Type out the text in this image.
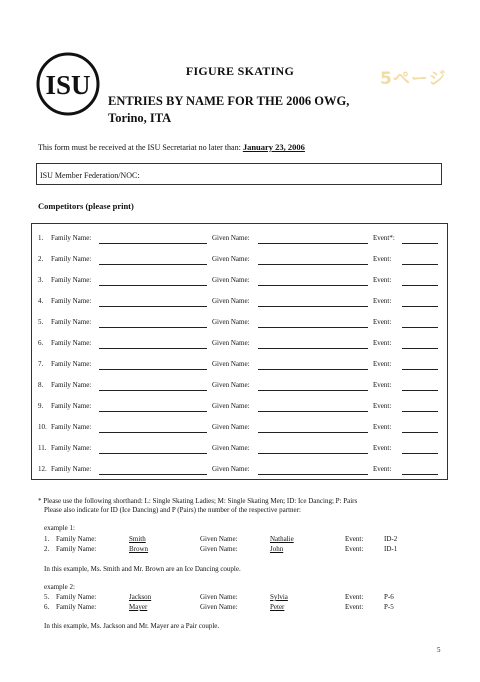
ISU	FIGURE SKATING
ENTRIES BY NAME FOR THE 2006 OWG,
Torino, ITA
5ページ
This form must be received at the ISU Secretariat no later than: January 23, 2006
ISU Member Federation/NOC:
Competitors (please print)
1. Family Name:	Given Name:	Event*:
2. Family Name:	Given Name:	Event:
3. Family Name:	Given Name:	Event:
4. Family Name:	Given Name:	Event:
5. Family Name:	Given Name:	Event:
6. Family Name:	Given Name:	Event:
7. Family Name:	Given Name:	Event:
8. Family Name:	Given Name:	Event:
9. Family Name:	Given Name:	Event:
10. Family Name:	Given Name:	Event:
11. Family Name:	Given Name:	Event:
12. Family Name:	Given Name:	Event:
* Please use the following shorthand: L: Single Skating Ladies; M: Single Skating Men; ID: Ice Dancing; P: Pairs
Please also indicate for ID (Ice Dancing) and P (Pairs) the number of the respective partner:
example 1:
1. Family Name:	Smith	Given Name:	Nathalie	Event:	ID-2
2. Family Name:	Brown	Given Name:	John	Event:	ID-1
In this example, Ms. Smith and Mr. Brown are an Ice Dancing couple.
example 2:
5. Family Name:	Jackson	Given Name:	Sylvia	Event:	P-6
6. Family Name:	Mayer	Given Name:	Peter	Event:	P-5
In this example, Ms. Jackson and Mr. Mayer are a Pair couple.
5
